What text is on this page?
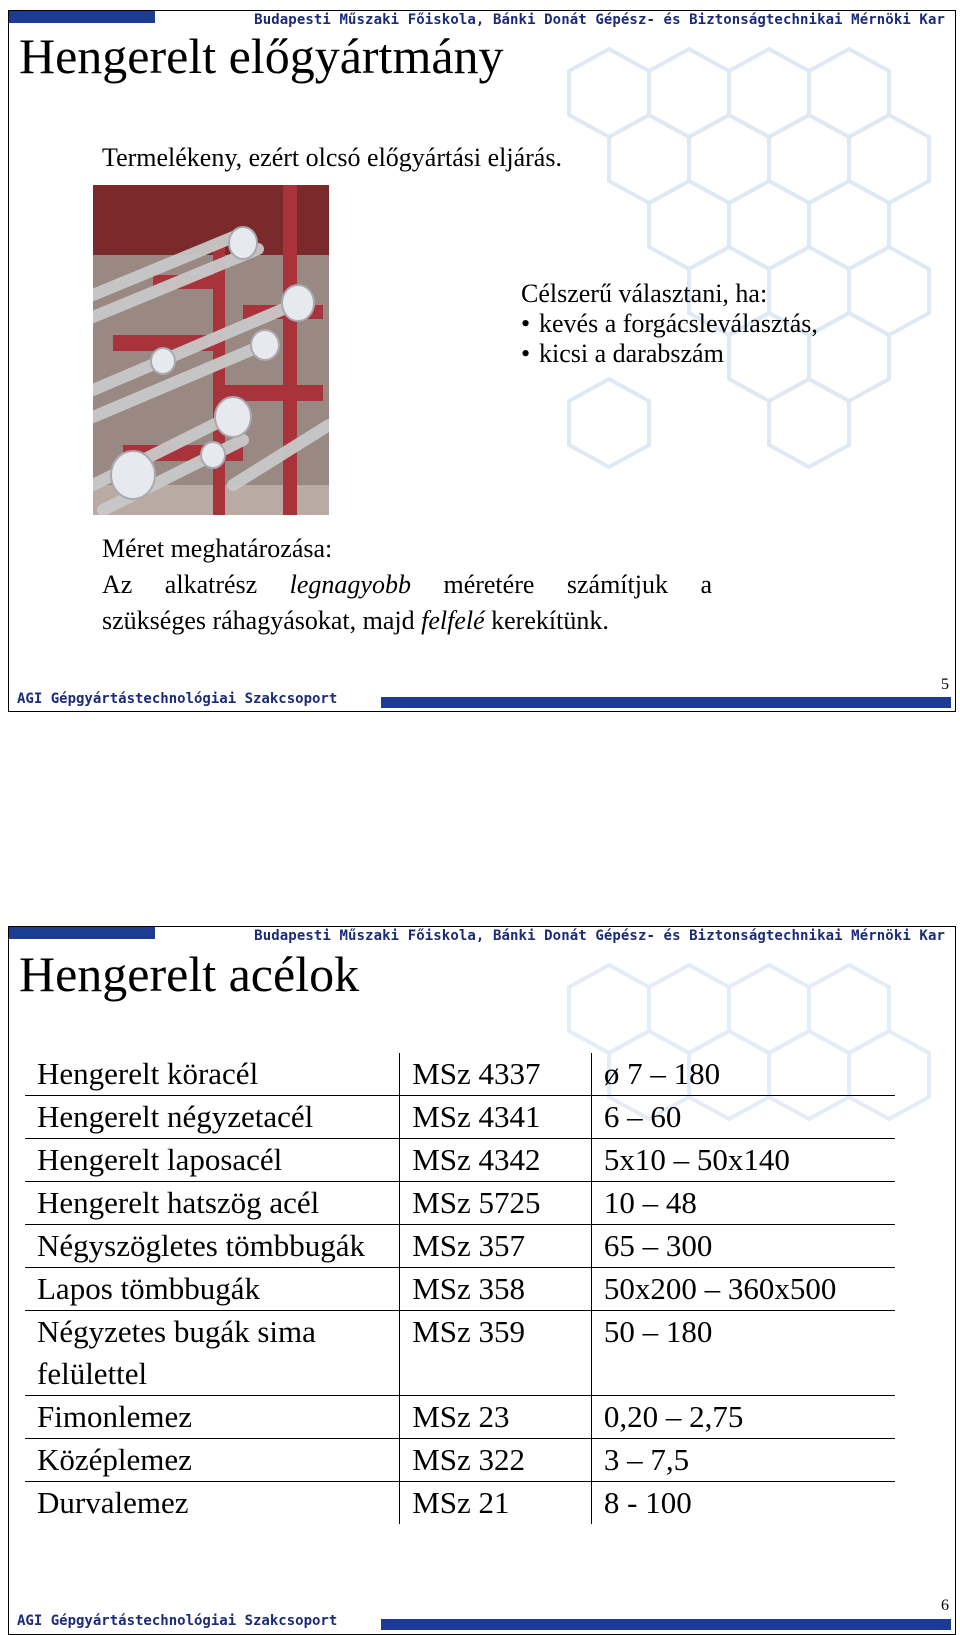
Budapesti Műszaki Főiskola, Bánki Donát Gépész- és Biztonságtechnikai Mérnöki Kar
Hengerelt előgyártmány
Termelékeny, ezért olcsó előgyártási eljárás.
Célszerű választani, ha:
• kevés a forgácsleválasztás,
• kicsi a darabszám
Méret meghatározása:
Az alkatrész legnagyobb méretére számítjuk a
szükséges ráhagyásokat, majd felfelé kerekítünk.
AGI Gépgyártástechnológiai Szakcsoport
5
Budapesti Műszaki Főiskola, Bánki Donát Gépész- és Biztonságtechnikai Mérnöki Kar
Hengerelt acélok
Hengerelt köracél	MSz 4337	ø 7 – 180
Hengerelt négyzetacél	MSz 4341	6 – 60
Hengerelt laposacél	MSz 4342	5x10 – 50x140
Hengerelt hatszög acél	MSz 5725	10 – 48
Négyszögletes tömbbugák	MSz 357	65 – 300
Lapos tömbbugák	MSz 358	50x200 – 360x500
Négyzetes bugák sima felülettel	MSz 359	50 – 180
Fimonlemez	MSz 23	0,20 – 2,75
Középlemez	MSz 322	3 – 7,5
Durvalemez	MSz 21	8 - 100
AGI Gépgyártástechnológiai Szakcsoport
6
